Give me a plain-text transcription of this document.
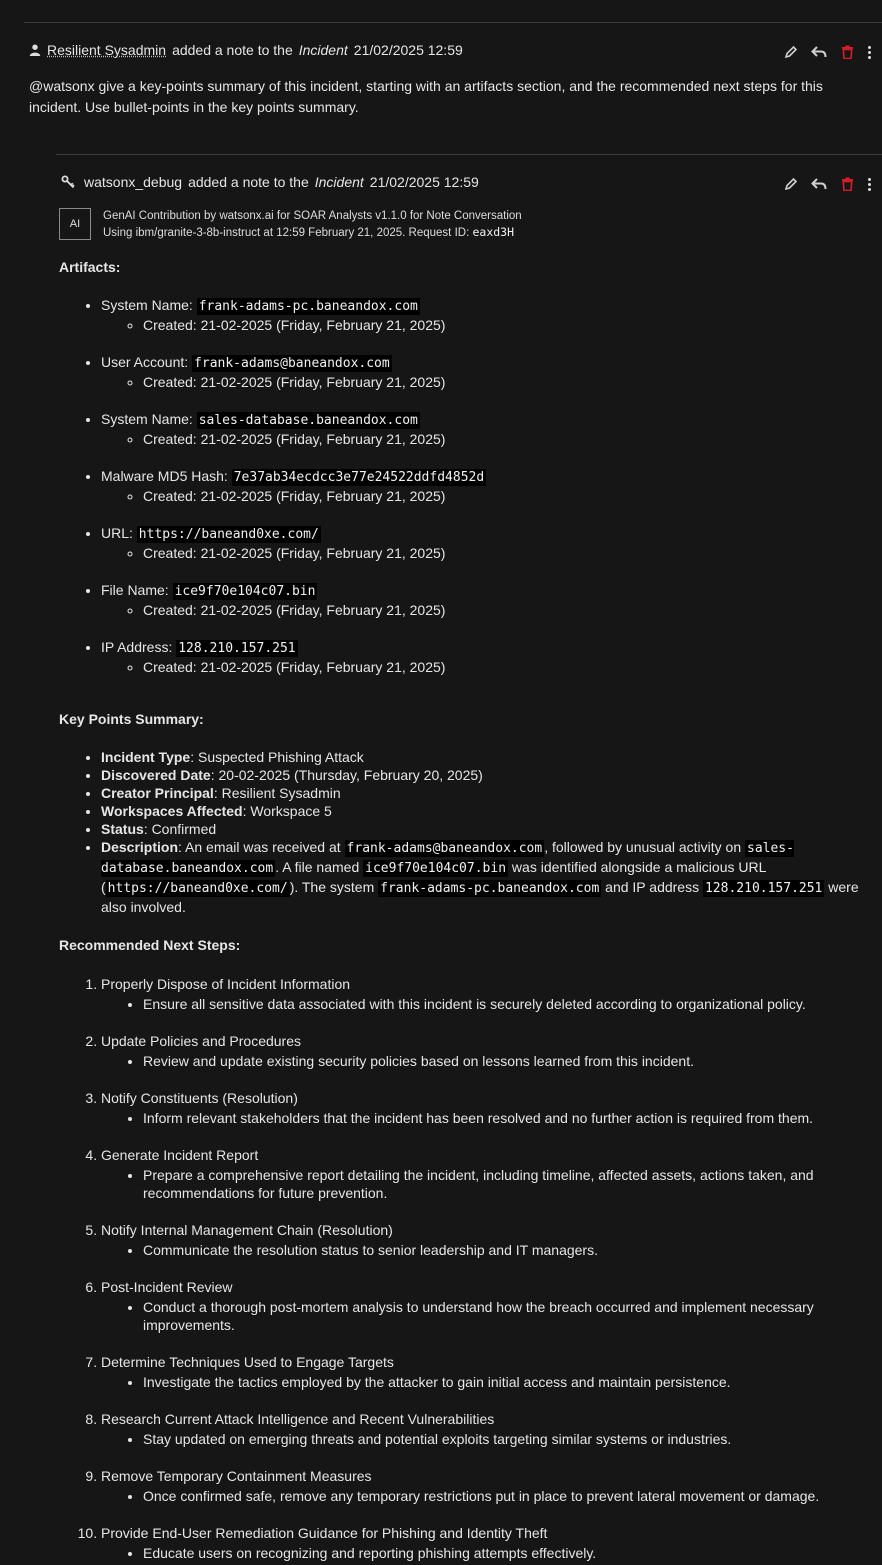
Resilient Sysadmin added a note to the Incident 21/02/2025 12:59
@watsonx give a key-points summary of this incident, starting with an artifacts section, and the recommended next steps for this incident. Use bullet-points in the key points summary.
watsonx_debug added a note to the Incident 21/02/2025 12:59
AI
GenAI Contribution by watsonx.ai for SOAR Analysts v1.1.0 for Note Conversation
Using ibm/granite-3-8b-instruct at 12:59 February 21, 2025. Request ID: eaxd3H
Artifacts:
• System Name: frank-adams-pc.baneandox.com
◦ Created: 21-02-2025 (Friday, February 21, 2025)
• User Account: frank-adams@baneandox.com
◦ Created: 21-02-2025 (Friday, February 21, 2025)
• System Name: sales-database.baneandox.com
◦ Created: 21-02-2025 (Friday, February 21, 2025)
• Malware MD5 Hash: 7e37ab34ecdcc3e77e24522ddfd4852d
◦ Created: 21-02-2025 (Friday, February 21, 2025)
• URL: https://baneand0xe.com/
◦ Created: 21-02-2025 (Friday, February 21, 2025)
• File Name: ice9f70e104c07.bin
◦ Created: 21-02-2025 (Friday, February 21, 2025)
• IP Address: 128.210.157.251
◦ Created: 21-02-2025 (Friday, February 21, 2025)
Key Points Summary:
• Incident Type: Suspected Phishing Attack
• Discovered Date: 20-02-2025 (Thursday, February 20, 2025)
• Creator Principal: Resilient Sysadmin
• Workspaces Affected: Workspace 5
• Status: Confirmed
• Description: An email was received at frank-adams@baneandox.com , followed by unusual activity on sales-database.baneandox.com . A file named ice9f70e104c07.bin was identified alongside a malicious URL ( https://baneand0xe.com/ ). The system frank-adams-pc.baneandox.com and IP address 128.210.157.251 were also involved.
Recommended Next Steps:
1. Properly Dispose of Incident Information
• Ensure all sensitive data associated with this incident is securely deleted according to organizational policy.
2. Update Policies and Procedures
• Review and update existing security policies based on lessons learned from this incident.
3. Notify Constituents (Resolution)
• Inform relevant stakeholders that the incident has been resolved and no further action is required from them.
4. Generate Incident Report
• Prepare a comprehensive report detailing the incident, including timeline, affected assets, actions taken, and recommendations for future prevention.
5. Notify Internal Management Chain (Resolution)
• Communicate the resolution status to senior leadership and IT managers.
6. Post-Incident Review
• Conduct a thorough post-mortem analysis to understand how the breach occurred and implement necessary improvements.
7. Determine Techniques Used to Engage Targets
• Investigate the tactics employed by the attacker to gain initial access and maintain persistence.
8. Research Current Attack Intelligence and Recent Vulnerabilities
• Stay updated on emerging threats and potential exploits targeting similar systems or industries.
9. Remove Temporary Containment Measures
• Once confirmed safe, remove any temporary restrictions put in place to prevent lateral movement or damage.
10. Provide End-User Remediation Guidance for Phishing and Identity Theft
• Educate users on recognizing and reporting phishing attempts effectively.
